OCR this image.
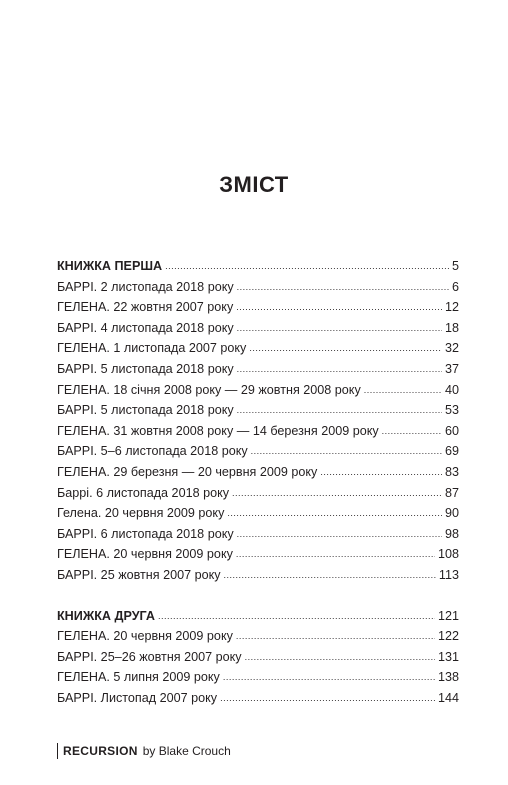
ЗМІСТ
КНИЖКА ПЕРША .....	5
БАРРІ. 2 листопада 2018 року .....	6
ГЕЛЕНА. 22 жовтня 2007 року .....	12
БАРРІ. 4 листопада 2018 року .....	18
ГЕЛЕНА. 1 листопада 2007 року .....	32
БАРРІ. 5 листопада 2018 року .....	37
ГЕЛЕНА. 18 січня 2008 року — 29 жовтня 2008 року .....	40
БАРРІ. 5 листопада 2018 року .....	53
ГЕЛЕНА. 31 жовтня 2008 року — 14 березня 2009 року .....	60
БАРРІ. 5–6 листопада 2018 року .....	69
ГЕЛЕНА. 29 березня — 20 червня 2009 року .....	83
Баррі. 6 листопада 2018 року .....	87
Гелена. 20 червня 2009 року .....	90
БАРРІ. 6 листопада 2018 року .....	98
ГЕЛЕНА. 20 червня 2009 року .....	108
БАРРІ. 25 жовтня 2007 року .....	113
КНИЖКА ДРУГА .....	121
ГЕЛЕНА. 20 червня 2009 року .....	122
БАРРІ. 25–26 жовтня 2007 року .....	131
ГЕЛЕНА. 5 липня 2009 року .....	138
БАРРІ. Листопад 2007 року .....	144
RECURSION by Blake Crouch
